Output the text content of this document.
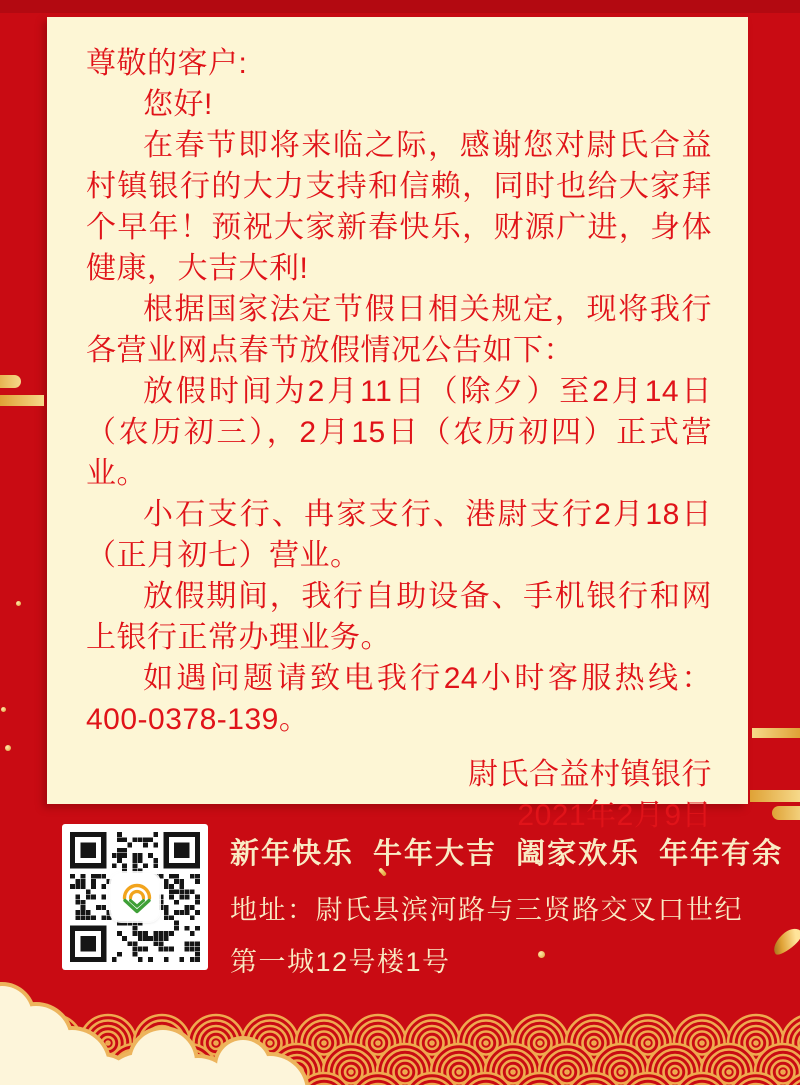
尊敬的客户:

您好!

在春节即将来临之际，感谢您对尉氏合益村镇银行的大力支持和信赖，同时也给大家拜个早年！预祝大家新春快乐，财源广进，身体健康，大吉大利!

根据国家法定节假日相关规定，现将我行各营业网点春节放假情况公告如下：

放假时间为2月11日（除夕）至2月14日（农历初三），2月15日（农历初四）正式营业。

小石支行、冉家支行、港尉支行2月18日（正月初七）营业。

放假期间，我行自助设备、手机银行和网上银行正常办理业务。

如遇问题请致电我行24小时客服热线：400-0378-139。

尉氏合益村镇银行

2021年2月9日

新年快乐 牛年大吉 阖家欢乐 年年有余
地址：尉氏县滨河路与三贤路交叉口世纪
第一城12号楼1号
